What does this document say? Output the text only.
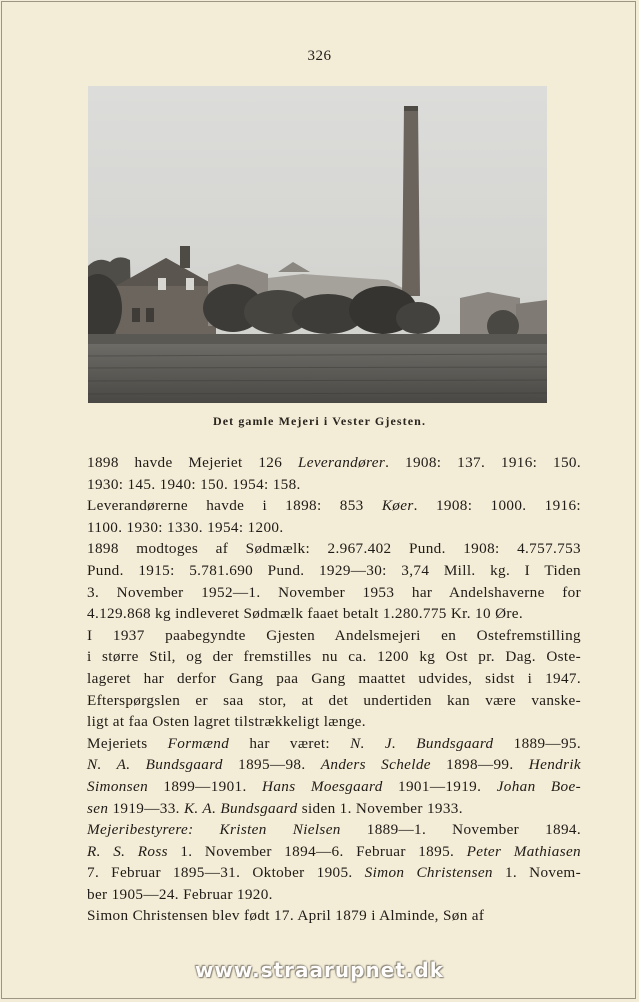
326
Det gamle Mejeri i Vester Gjesten.

1898 havde Mejeriet 126 Leverandører. 1908: 137. 1916: 150.
1930: 145. 1940: 150. 1954: 158.

Leverandørerne havde i 1898: 853 Køer. 1908: 1000. 1916:
1100. 1930: 1330. 1954: 1200.

1898 modtoges af Sødmælk: 2.967.402 Pund. 1908: 4.757.753
Pund. 1915: 5.781.690 Pund. 1929—30: 3,74 Mill. kg. I Tiden
3. November 1952—1. November 1953 har Andelshaverne for
4.129.868 kg indleveret Sødmælk faaet betalt 1.280.775 Kr. 10 Øre.

I 1937 paabegyndte Gjesten Andelsmejeri en Ostefremstilling
i større Stil, og der fremstilles nu ca. 1200 kg Ost pr. Dag. Oste-
lageret har derfor Gang paa Gang maattet udvides, sidst i 1947.
Efterspørgslen er saa stor, at det undertiden kan være vanske-
ligt at faa Osten lagret tilstrækkeligt længe.

Mejeriets Formænd har været: N. J. Bundsgaard 1889—95.
N. A. Bundsgaard 1895—98. Anders Schelde 1898—99. Hendrik
Simonsen 1899—1901. Hans Moesgaard 1901—1919. Johan Boe-
sen 1919—33. K. A. Bundsgaard siden 1. November 1933.

Mejeribestyrere: Kristen Nielsen 1889—1. November 1894.
R. S. Ross 1. November 1894—6. Februar 1895. Peter Mathiasen
7. Februar 1895—31. Oktober 1905. Simon Christensen 1. Novem-
ber 1905—24. Februar 1920.

Simon Christensen blev født 17. April 1879 i Alminde, Søn af

www.straarupnet.dk
